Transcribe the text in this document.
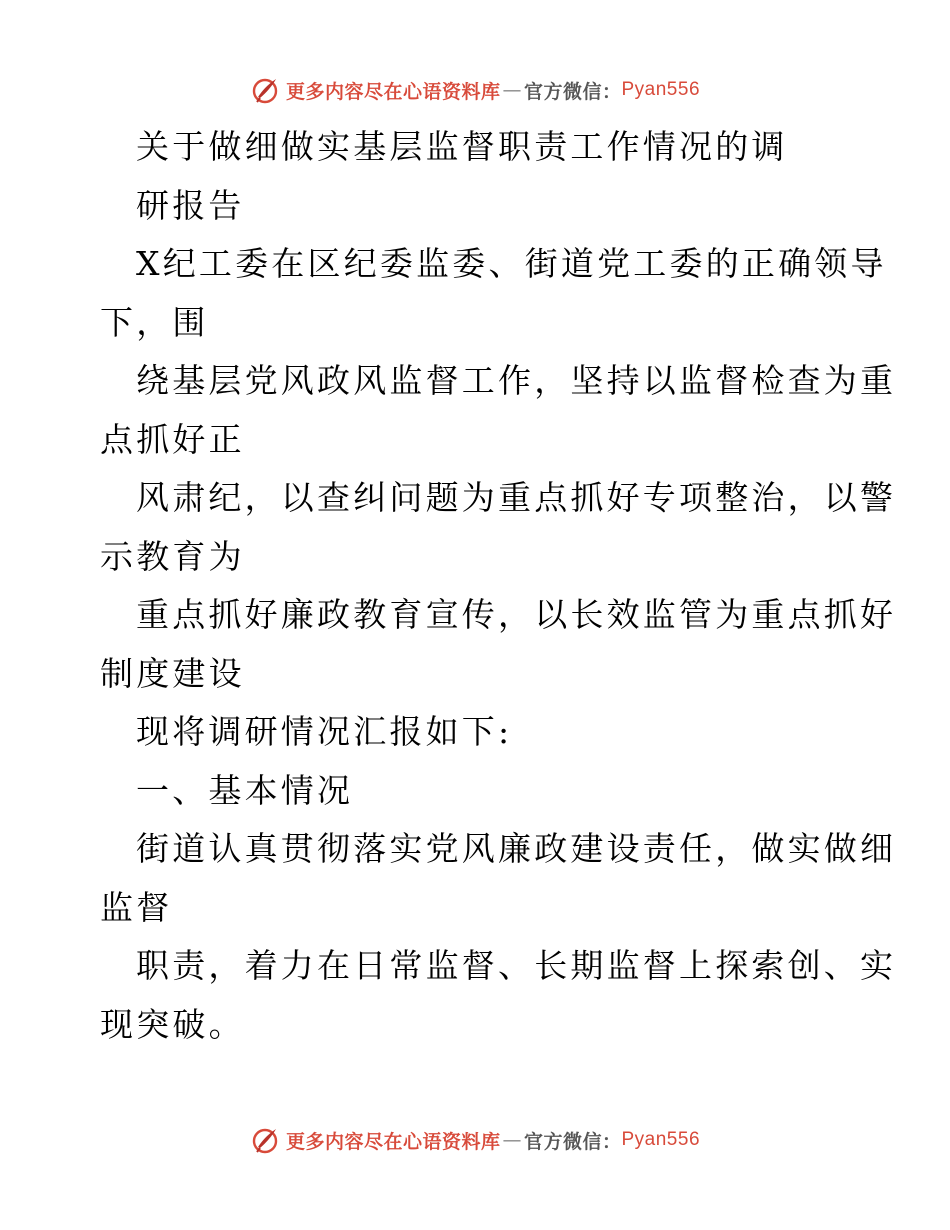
更多内容尽在心语资料库 — 官方微信： Pyan556
关于做细做实基层监督职责工作情况的调
研报告
X纪工委在区纪委监委、街道党工委的正确领导
下，围
绕基层党风政风监督工作，坚持以监督检查为重
点抓好正
风肃纪，以查纠问题为重点抓好专项整治，以警
示教育为
重点抓好廉政教育宣传，以长效监管为重点抓好
制度建设
现将调研情况汇报如下:
一、基本情况
街道认真贯彻落实党风廉政建设责任，做实做细
监督
职责，着力在日常监督、长期监督上探索创、实
现突破。
更多内容尽在心语资料库 — 官方微信： Pyan556
